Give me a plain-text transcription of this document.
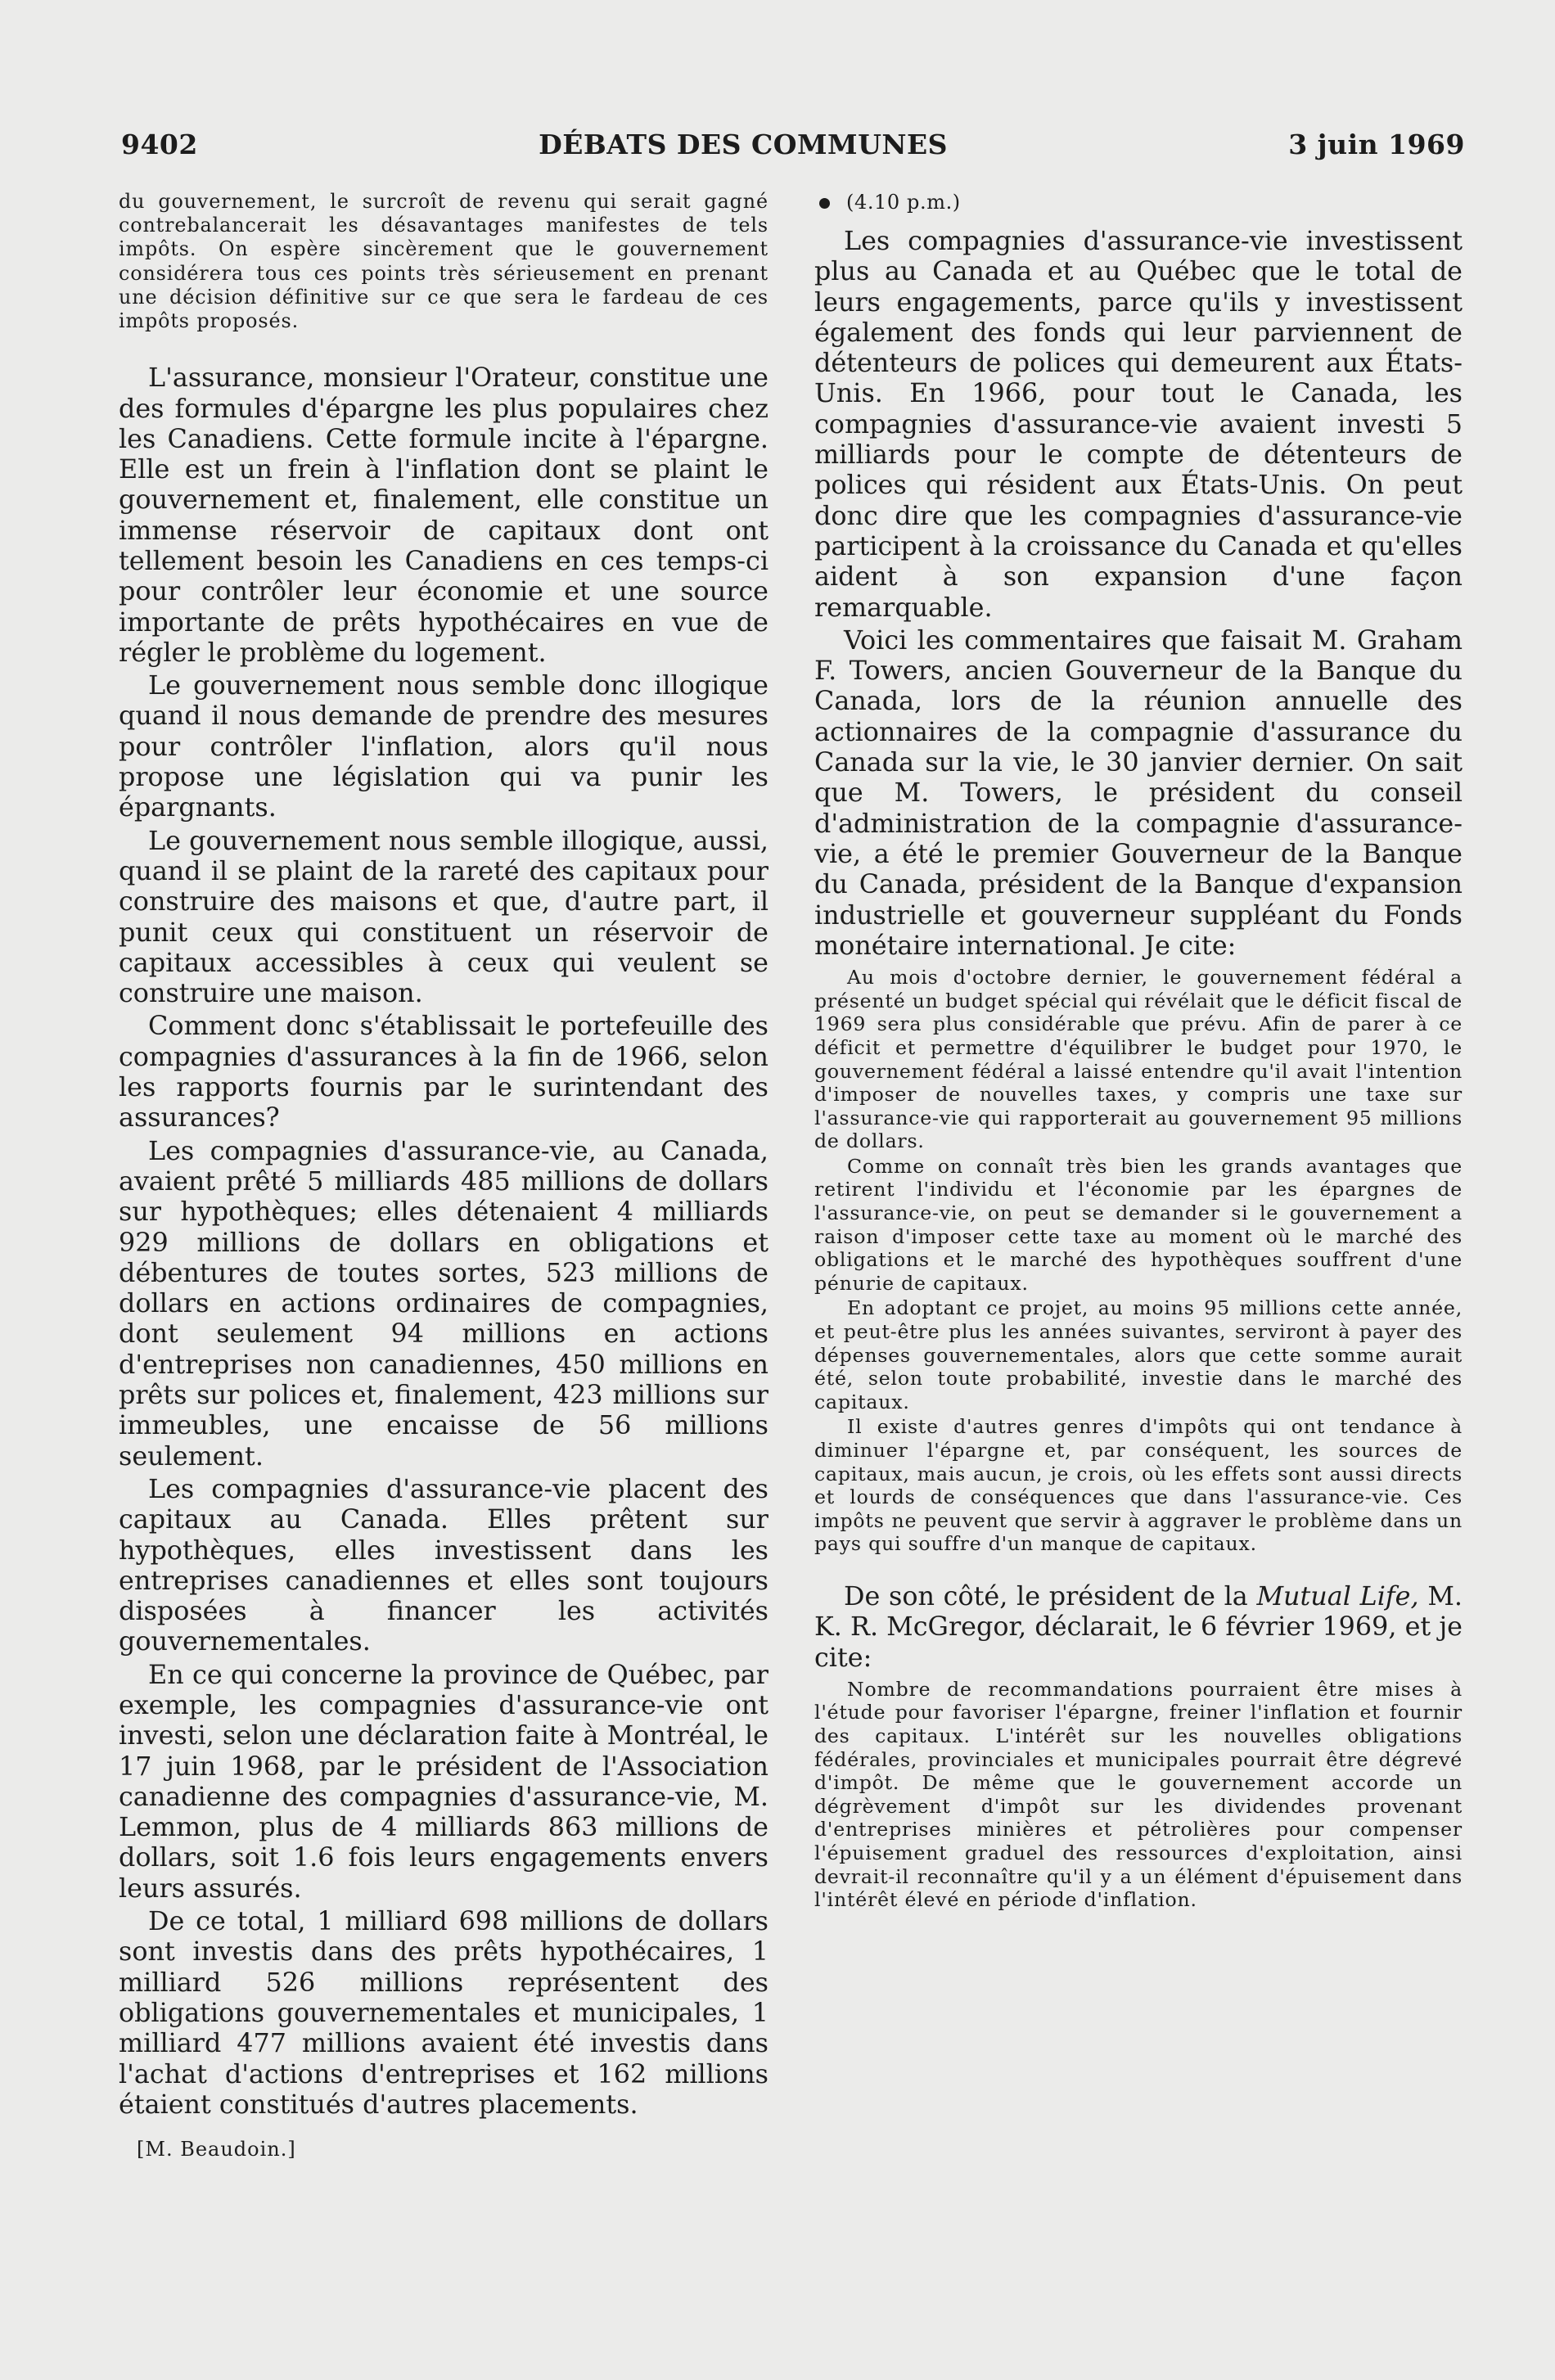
9402	DÉBATS DES COMMUNES	3 juin 1969

du gouvernement, le surcroît de revenu qui serait gagné contrebalancerait les désavantages manifestes de tels impôts. On espère sincèrement que le gouvernement considérera tous ces points très sérieusement en prenant une décision définitive sur ce que sera le fardeau de ces impôts proposés.

L'assurance, monsieur l'Orateur, constitue une des formules d'épargne les plus populaires chez les Canadiens. Cette formule incite à l'épargne. Elle est un frein à l'inflation dont se plaint le gouvernement et, finalement, elle constitue un immense réservoir de capitaux dont ont tellement besoin les Canadiens en ces temps-ci pour contrôler leur économie et une source importante de prêts hypothécaires en vue de régler le problème du logement.

Le gouvernement nous semble donc illogique quand il nous demande de prendre des mesures pour contrôler l'inflation, alors qu'il nous propose une législation qui va punir les épargnants.

Le gouvernement nous semble illogique, aussi, quand il se plaint de la rareté des capitaux pour construire des maisons et que, d'autre part, il punit ceux qui constituent un réservoir de capitaux accessibles à ceux qui veulent se construire une maison.

Comment donc s'établissait le portefeuille des compagnies d'assurances à la fin de 1966, selon les rapports fournis par le surintendant des assurances?

Les compagnies d'assurance-vie, au Canada, avaient prêté 5 milliards 485 millions de dollars sur hypothèques; elles détenaient 4 milliards 929 millions de dollars en obligations et débentures de toutes sortes, 523 millions de dollars en actions ordinaires de compagnies, dont seulement 94 millions en actions d'entreprises non canadiennes, 450 millions en prêts sur polices et, finalement, 423 millions sur immeubles, une encaisse de 56 millions seulement.

Les compagnies d'assurance-vie placent des capitaux au Canada. Elles prêtent sur hypothèques, elles investissent dans les entreprises canadiennes et elles sont toujours disposées à financer les activités gouvernementales.

En ce qui concerne la province de Québec, par exemple, les compagnies d'assurance-vie ont investi, selon une déclaration faite à Montréal, le 17 juin 1968, par le président de l'Association canadienne des compagnies d'assurance-vie, M. Lemmon, plus de 4 milliards 863 millions de dollars, soit 1.6 fois leurs engagements envers leurs assurés.

De ce total, 1 milliard 698 millions de dollars sont investis dans des prêts hypothécaires, 1 milliard 526 millions représentent des obligations gouvernementales et municipales, 1 milliard 477 millions avaient été investis dans l'achat d'actions d'entreprises et 162 millions étaient constitués d'autres placements.

[M. Beaudoin.]

(4.10 p.m.)

Les compagnies d'assurance-vie investissent plus au Canada et au Québec que le total de leurs engagements, parce qu'ils y investissent également des fonds qui leur parviennent de détenteurs de polices qui demeurent aux États-Unis. En 1966, pour tout le Canada, les compagnies d'assurance-vie avaient investi 5 milliards pour le compte de détenteurs de polices qui résident aux États-Unis. On peut donc dire que les compagnies d'assurance-vie participent à la croissance du Canada et qu'elles aident à son expansion d'une façon remarquable.

Voici les commentaires que faisait M. Graham F. Towers, ancien Gouverneur de la Banque du Canada, lors de la réunion annuelle des actionnaires de la compagnie d'assurance du Canada sur la vie, le 30 janvier dernier. On sait que M. Towers, le président du conseil d'administration de la compagnie d'assurance-vie, a été le premier Gouverneur de la Banque du Canada, président de la Banque d'expansion industrielle et gouverneur suppléant du Fonds monétaire international. Je cite:

Au mois d'octobre dernier, le gouvernement fédéral a présenté un budget spécial qui révélait que le déficit fiscal de 1969 sera plus considérable que prévu. Afin de parer à ce déficit et permettre d'équilibrer le budget pour 1970, le gouvernement fédéral a laissé entendre qu'il avait l'intention d'imposer de nouvelles taxes, y compris une taxe sur l'assurance-vie qui rapporterait au gouvernement 95 millions de dollars.

Comme on connaît très bien les grands avantages que retirent l'individu et l'économie par les épargnes de l'assurance-vie, on peut se demander si le gouvernement a raison d'imposer cette taxe au moment où le marché des obligations et le marché des hypothèques souffrent d'une pénurie de capitaux.

En adoptant ce projet, au moins 95 millions cette année, et peut-être plus les années suivantes, serviront à payer des dépenses gouvernementales, alors que cette somme aurait été, selon toute probabilité, investie dans le marché des capitaux.

Il existe d'autres genres d'impôts qui ont tendance à diminuer l'épargne et, par conséquent, les sources de capitaux, mais aucun, je crois, où les effets sont aussi directs et lourds de conséquences que dans l'assurance-vie. Ces impôts ne peuvent que servir à aggraver le problème dans un pays qui souffre d'un manque de capitaux.

De son côté, le président de la Mutual Life, M. K. R. McGregor, déclarait, le 6 février 1969, et je cite:

Nombre de recommandations pourraient être mises à l'étude pour favoriser l'épargne, freiner l'inflation et fournir des capitaux. L'intérêt sur les nouvelles obligations fédérales, provinciales et municipales pourrait être dégrevé d'impôt. De même que le gouvernement accorde un dégrèvement d'impôt sur les dividendes provenant d'entreprises minières et pétrolières pour compenser l'épuisement graduel des ressources d'exploitation, ainsi devrait-il reconnaître qu'il y a un élément d'épuisement dans l'intérêt élevé en période d'inflation.
